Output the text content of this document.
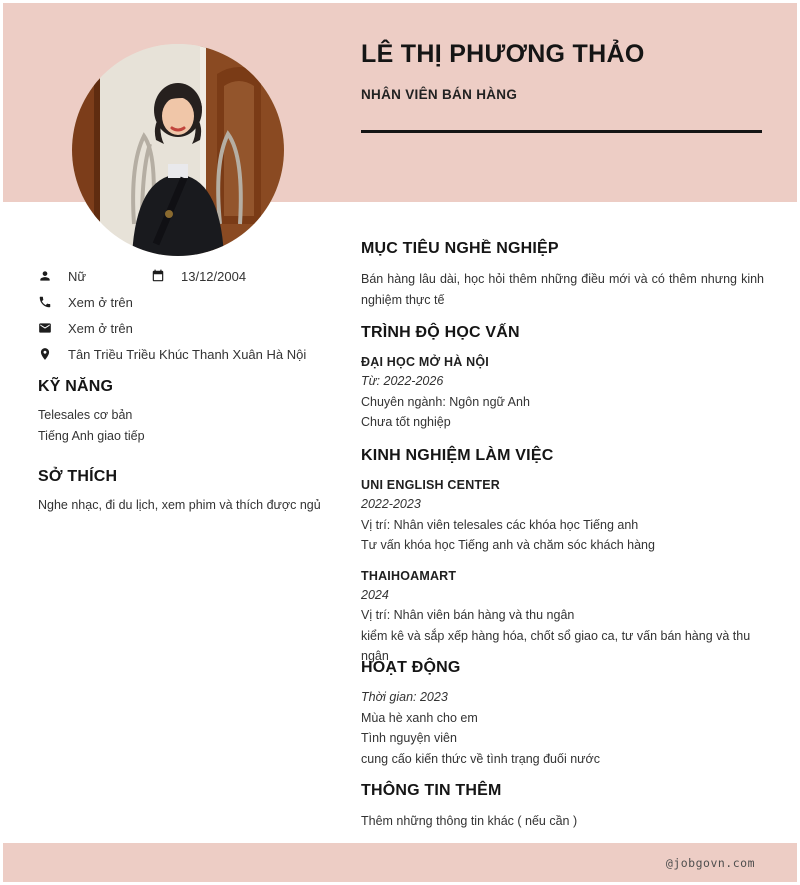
LÊ THỊ PHƯƠNG THẢO
NHÂN VIÊN BÁN HÀNG
Nữ	13/12/2004
Xem ở trên
Xem ở trên
Tân Triều Triều Khúc Thanh Xuân Hà Nội
KỸ NĂNG
Telesales cơ bản
Tiếng Anh giao tiếp
SỞ THÍCH
Nghe nhạc, đi du lịch, xem phim và thích được ngủ
MỤC TIÊU NGHỀ NGHIỆP

Bán hàng lâu dài, học hỏi thêm những điều mới và có thêm nhưng kinh nghiệm thực tế

TRÌNH ĐỘ HỌC VẤN
ĐẠI HỌC MỞ HÀ NỘI
Từ: 2022-2026
Chuyên ngành: Ngôn ngữ Anh
Chưa tốt nghiệp
KINH NGHIỆM LÀM VIỆC
UNI ENGLISH CENTER
2022-2023
Vị trí: Nhân viên telesales các khóa học Tiếng anh
Tư vấn khóa học Tiếng anh và chăm sóc khách hàng
THAIHOAMART
2024
Vị trí: Nhân viên bán hàng và thu ngân
kiểm kê và sắp xếp hàng hóa, chốt sổ giao ca, tư vấn bán hàng và thu ngân
HOẠT ĐỘNG
Thời gian: 2023
Mùa hè xanh cho em
Tình nguyện viên
cung cấo kiến thức về tình trạng đuối nước
THÔNG TIN THÊM
Thêm những thông tin khác ( nếu cần )
@jobgovn.com
